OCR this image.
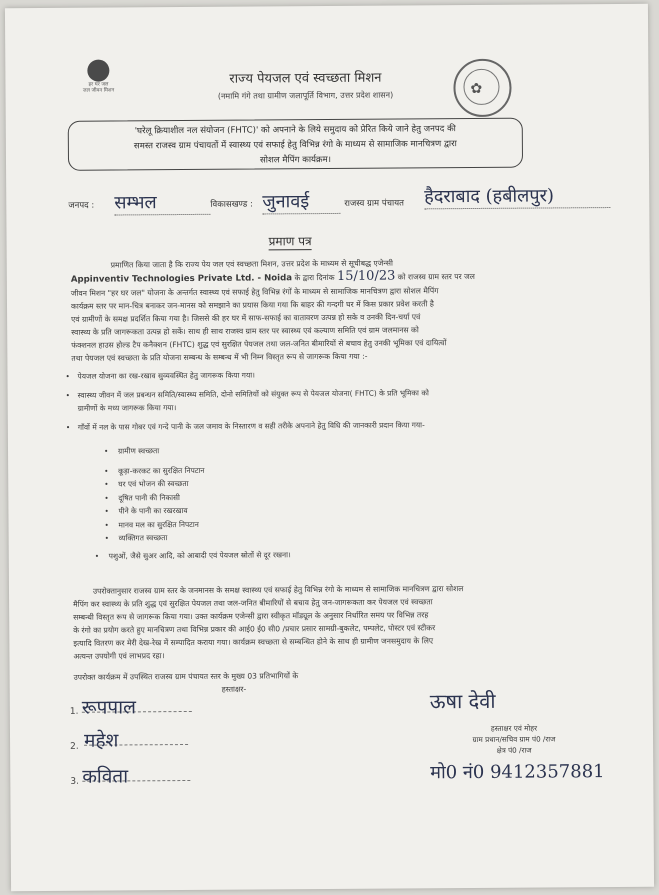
हर घर जल
जल जीवन मिशन	✿
राज्य पेयजल एवं स्वच्छता मिशन
(नमामि गंगे तथा ग्रामीण जलापूर्ति विभाग, उत्तर प्रदेश शासन)
'घरेलू क्रियाशील नल संयोजन (FHTC)' को अपनाने के लिये समुदाय को प्रेरित किये जाने हेतु जनपद की
समस्त राजस्व ग्राम पंचायतों में स्वास्थ्य एवं सफाई हेतु विभिन्न रंगो के माध्यम से सामाजिक मानचित्रण द्वारा
सोशल मैपिंग कार्यक्रम।
जनपद : सम्भल	विकासखण्ड : जुनावई	राजस्व ग्राम पंचायत हैदराबाद (हबीलपुर)
प्रमाण पत्र
प्रमाणित किया जाता है कि राज्य पेय जल एवं स्वच्छता मिशन, उत्तर प्रदेश के माध्यम से सूचीबद्ध एजेन्सी
Appinventiv Technologies Private Ltd. - Noida के द्वारा दिनांक 15/10/23 को राजस्व ग्राम स्तर पर जल
जीवन मिशन "हर घर जल" योजना के अन्तर्गत स्वास्थ्य एवं सफाई हेतु विभिन्न रंगों के माध्यम से सामाजिक मानचित्रण द्वारा सोशल मैपिंग
कार्यक्रम स्तर पर मान-चित्र बनाकर जन-मानस को समझाने का प्रयास किया गया कि बाहर की गन्दगी घर में किस प्रकार प्रवेश करती है
एवं ग्रामीणों के समक्ष प्रदर्शित किया गया है। जिससे की हर घर में साफ-सफाई का वातावरण उत्पन्न हो सके व उनकी दिन-चर्या एवं
स्वास्थ्य के प्रति जागरूकता उत्पन्न हो सकें। साथ ही साथ राजस्व ग्राम स्तर पर स्वास्थ्य एवं कल्याण समिति एवं ग्राम जलमानस को
फंक्शनल हाउस होल्ड टैप कनैक्शन (FHTC) शुद्ध एवं सुरक्षित पेयजल तथा जल-जनित बीमारियों से बचाव हेतु उनकी भूमिका एवं दायित्वों
तथा पेयजल एवं स्वच्छता के प्रति योजना सम्बन्ध के सम्बन्ध में भी निम्न विस्तृत रूप से जागरूक किया गया :-
• पेयजल योजना का रख-रखाव सुव्यवस्थित हेतु जागरूक किया गया।
• स्वास्थ्य जीवन में जल प्रबन्धन समिति/स्वास्थ्य समिति, दोनो समितियों को संयुक्त रूप से पेयजल योजना( FHTC) के प्रति भूमिका को
ग्रामीणों के मध्य जागरूक किया गया।
• गाँवों में नल के पास गोबर एवं गन्दे पानी के जल जमाव के निस्तारण व सही तरीके अपनाने हेतु विधि की जानकारी प्रदान किया गया-
• ग्रामीण स्वच्छता
• कूड़ा-करकट का सुरक्षित निपटान
• घर एवं भोजन की स्वच्छता
• दूषित पानी की निकासी
• पीने के पानी का रखरखाव
• मानव मल का सुरक्षित निपटान
• व्यक्तिगत स्वच्छता
• पशुओं, जैसे सुअर आदि, को आबादी एवं पेयजल स्रोतों से दूर रखना।
उपरोक्तानुसार राजस्व ग्राम स्तर के जनमानस के समक्ष स्वास्थ्य एवं सफाई हेतु विभिन्न रंगो के माध्यम से सामाजिक मानचित्रण द्वारा सोशल
मैपिंग कर स्वास्थ्य के प्रति शुद्ध एवं सुरक्षित पेयजल तथा जल-जनित बीमारियों से बचाव हेतु जन-जागरूकता कर पेयजल एवं स्वच्छता
सम्बन्धी विस्तृत रूप से जागरूक किया गया। उक्त कार्यक्रम एजेन्सी द्वारा स्वीकृत मॉड्यूल के अनुसार निर्धारित समय पर विभिन्न तरह
के रंगो का प्रयोग करते हुए मानचित्रण तथा विभिन्न प्रकार की आई0 ई0 सी0 /प्रचार प्रसार सामग्री-बुकलेट, पम्पलेट, पोस्टर एवं स्टीकर
इत्यादि वितरण कर मेरी देख-रेख में सम्पादित कराया गया। कार्यक्रम स्वच्छता से सम्बन्धित होने के साथ ही ग्रामीण जनसमुदाय के लिए
अत्यन्त उपयोगी एवं लाभप्रद रहा।
उपरोक्त कार्यक्रम में उपस्थित राजस्व ग्राम पंचायत स्तर के मुख्य 03 प्रतिभागियों के
हस्ताक्षर-
1. रूपपाल
2. महेश
3. कविता
ऊषा देवी
हस्ताक्षर एवं मोहर
ग्राम प्रधान/सचिव ग्राम पं0 /राज
क्षेत्र पं0 /राज
मो0 नं0 9412357881
